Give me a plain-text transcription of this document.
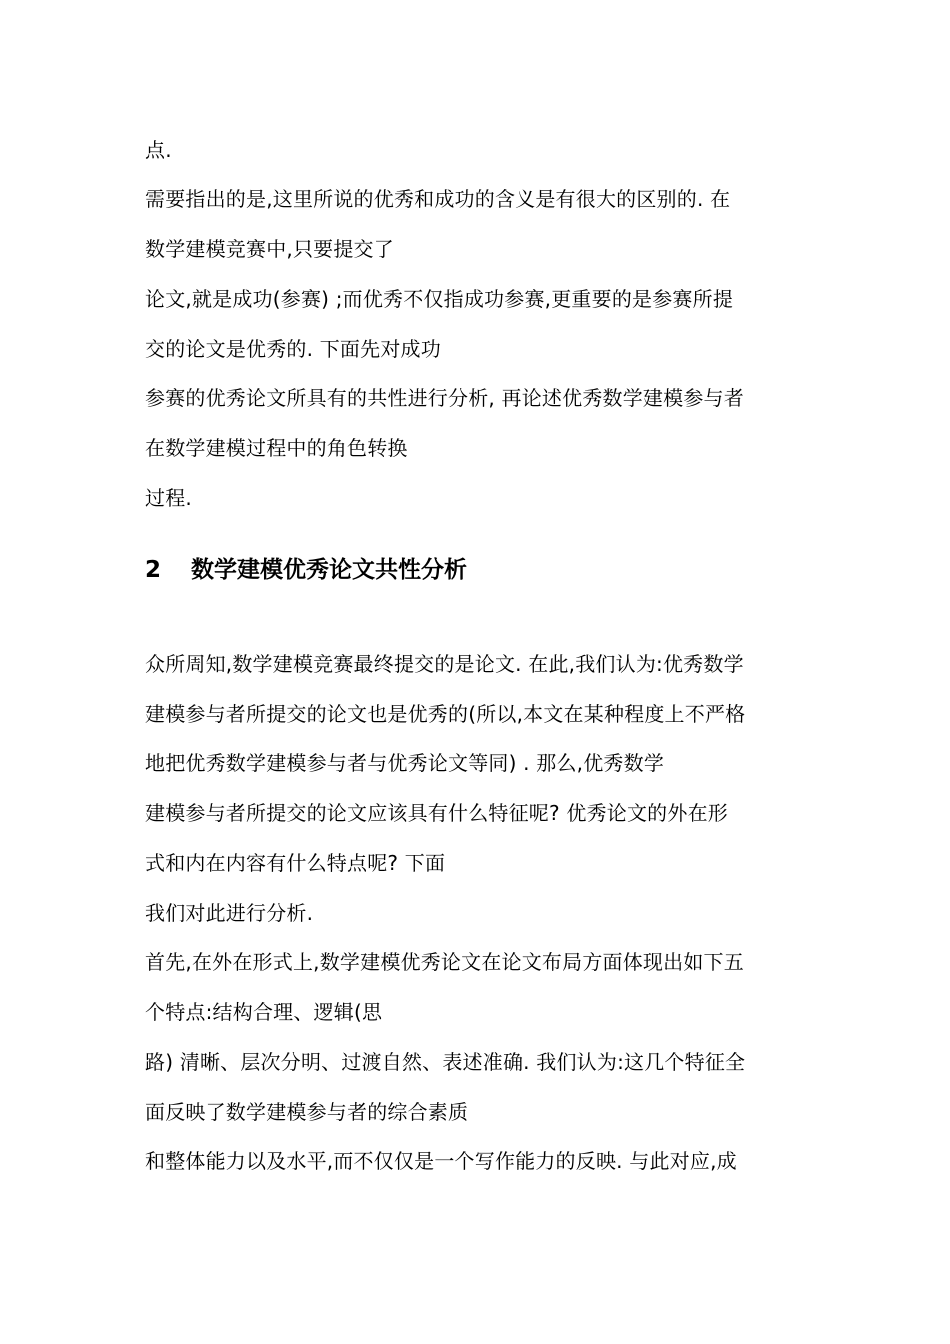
点.
需要指出的是,这里所说的优秀和成功的含义是有很大的区别的. 在
数学建模竞赛中,只要提交了
论文,就是成功(参赛) ;而优秀不仅指成功参赛,更重要的是参赛所提
交的论文是优秀的. 下面先对成功
参赛的优秀论文所具有的共性进行分析, 再论述优秀数学建模参与者
在数学建模过程中的角色转换
过程.
2 数学建模优秀论文共性分析
众所周知,数学建模竞赛最终提交的是论文. 在此,我们认为:优秀数学
建模参与者所提交的论文也是优秀的(所以,本文在某种程度上不严格
地把优秀数学建模参与者与优秀论文等同) . 那么,优秀数学
建模参与者所提交的论文应该具有什么特征呢? 优秀论文的外在形
式和内在内容有什么特点呢? 下面
我们对此进行分析.
首先,在外在形式上,数学建模优秀论文在论文布局方面体现出如下五
个特点:结构合理、逻辑(思
路) 清晰、层次分明、过渡自然、表述准确. 我们认为:这几个特征全
面反映了数学建模参与者的综合素质
和整体能力以及水平,而不仅仅是一个写作能力的反映. 与此对应,成
